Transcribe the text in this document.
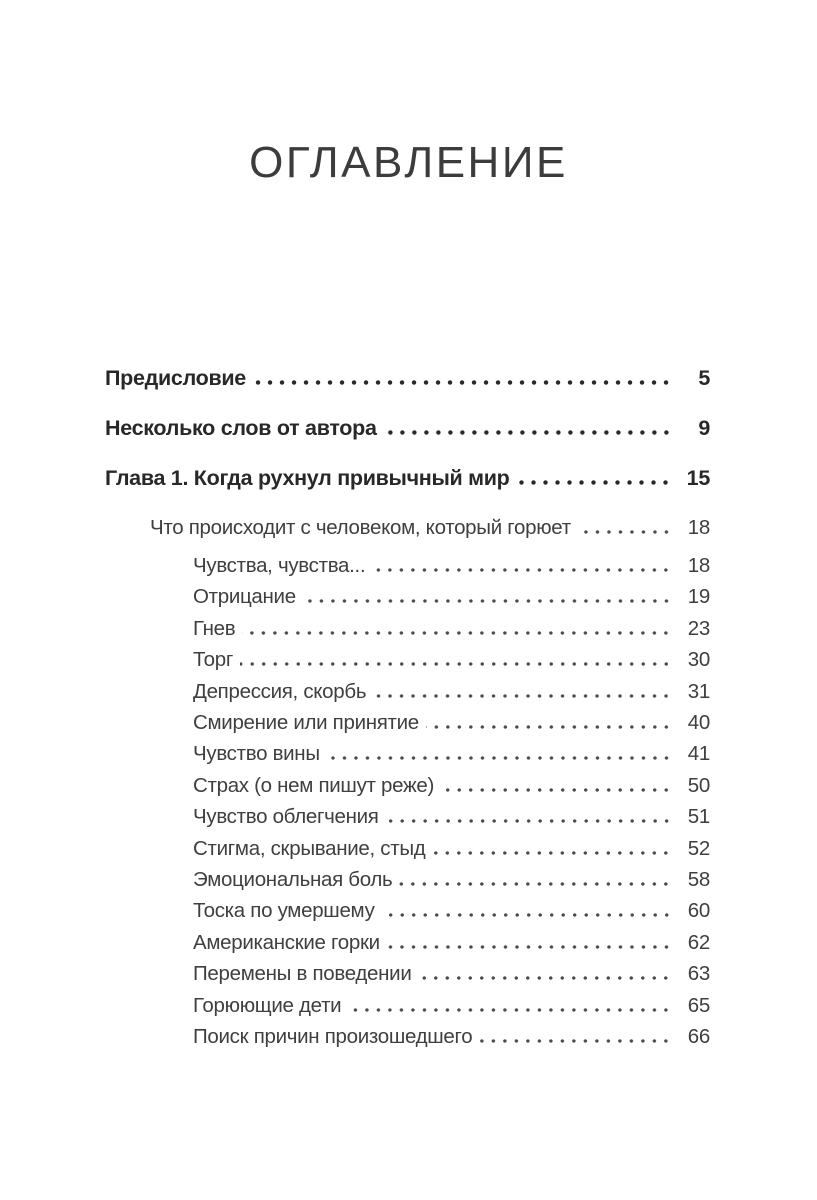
ОГЛАВЛЕНИЕ
Предисловие	5
Несколько слов от автора	9
Глава 1. Когда рухнул привычный мир	15
Что происходит с человеком, который горюет	18
Чувства, чувства...	18
Отрицание	19
Гнев	23
Торг	30
Депрессия, скорбь	31
Смирение или принятие	40
Чувство вины	41
Страх (о нем пишут реже)	50
Чувство облегчения	51
Стигма, скрывание, стыд	52
Эмоциональная боль	58
Тоска по умершему	60
Американские горки	62
Перемены в поведении	63
Горюющие дети	65
Поиск причин произошедшего	66
